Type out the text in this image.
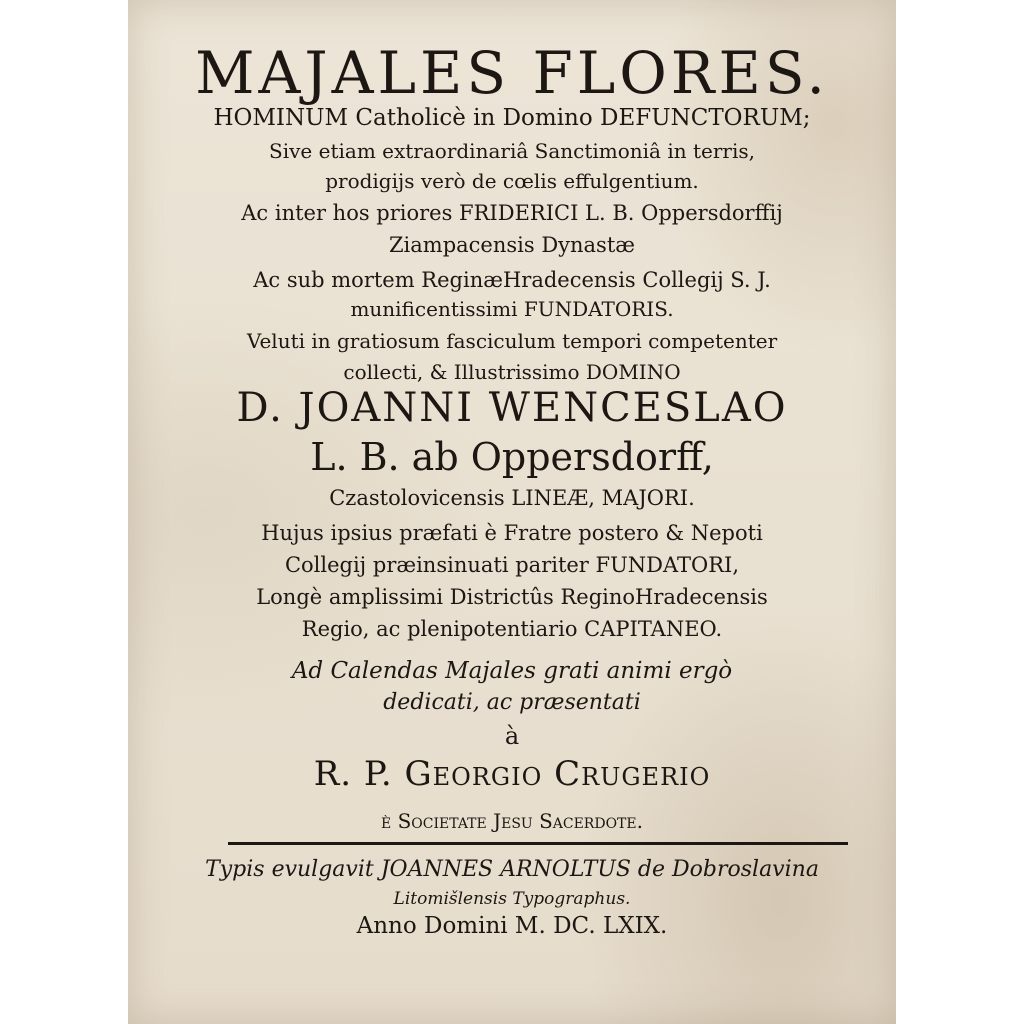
MAJALES FLORES.
HOMINUM Catholicè in Domino DEFUNCTORUM;
Sive etiam extraordinariâ Sanctimoniâ in terris,
prodigijs verò de cœlis effulgentium.
Ac inter hos priores FRIDERICI L. B. Oppersdorffij
Ziampacensis Dynastæ
Ac sub mortem ReginæHradecensis Collegij S. J.
munificentissimi FUNDATORIS.
Veluti in gratiosum fasciculum tempori competenter
collecti, & Illustrissimo DOMINO
D. JOANNI WENCESLAO
L. B. ab Oppersdorff,
Czastolovicensis LINEÆ, MAJORI.
Hujus ipsius præfati è Fratre postero & Nepoti
Collegij præinsinuati pariter FUNDATORI,
Longè amplissimi Districtûs ReginoHradecensis
Regio, ac plenipotentiario CAPITANEO.
Ad Calendas Majales grati animi ergò
dedicati, ac præsentati
à
R. P. Georgio Crugerio
è Societate Jesu Sacerdote.
Typis evulgavit JOANNES ARNOLTUS de Dobroslavina
Litomišlensis Typographus.
Anno Domini M. DC. LXIX.
